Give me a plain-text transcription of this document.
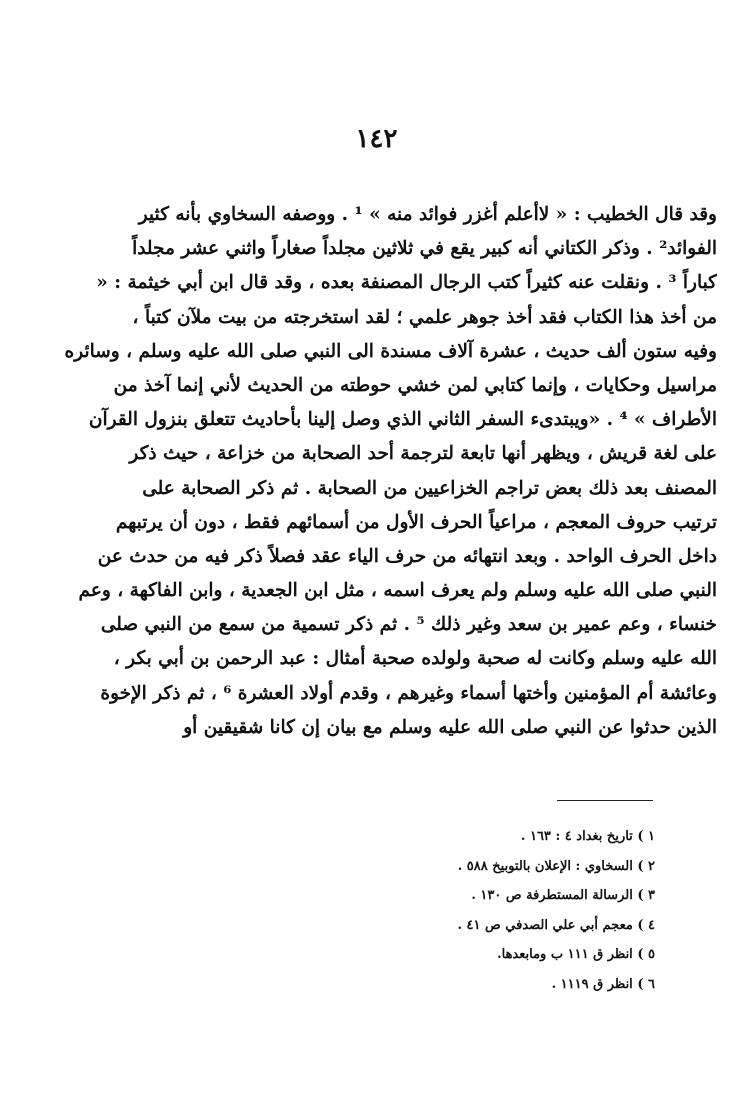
١٤٢
وقد قال الخطيب : « لاأعلم أغزر فوائد منه » ¹ . ووصفه السخاوي بأنه كثير
الفوائد² . وذكر الكتاني أنه كبير يقع في ثلاثين مجلداً صغاراً واثني عشر مجلداً
كباراً ³ . ونقلت عنه كثيراً كتب الرجال المصنفة بعده ، وقد قال ابن أبي خيثمة : «
من أخذ هذا الكتاب فقد أخذ جوهر علمي ؛ لقد استخرجته من بيت ملآن كتباً ،
وفيه ستون ألف حديث ، عشرة آلاف مسندة الى النبي صلى الله عليه وسلم ، وسائره
مراسيل وحكايات ، وإنما كتابي لمن خشي حوطته من الحديث لأني إنما آخذ من
الأطراف » ⁴ . «ويبتدىء السفر الثاني الذي وصل إلينا بأحاديث تتعلق بنزول القرآن
على لغة قريش ، ويظهر أنها تابعة لترجمة أحد الصحابة من خزاعة ، حيث ذكر
المصنف بعد ذلك بعض تراجم الخزاعيين من الصحابة . ثم ذكر الصحابة على
ترتيب حروف المعجم ، مراعياً الحرف الأول من أسمائهم فقط ، دون أن يرتبهم
داخل الحرف الواحد . وبعد انتهائه من حرف الياء عقد فصلاً ذكر فيه من حدث عن
النبي صلى الله عليه وسلم ولم يعرف اسمه ، مثل ابن الجعدية ، وابن الفاكهة ، وعم
خنساء ، وعم عمير بن سعد وغير ذلك ⁵ . ثم ذكر تسمية من سمع من النبي صلى
الله عليه وسلم وكانت له صحبة ولولده صحبة أمثال : عبد الرحمن بن أبي بكر ،
وعائشة أم المؤمنين وأختها أسماء وغيرهم ، وقدم أولاد العشرة ⁶ ، ثم ذكر الإخوة
الذين حدثوا عن النبي صلى الله عليه وسلم مع بيان إن كانا شقيقين أو
١ ) تاريخ بغداد ٤ : ١٦٣ .
٢ ) السخاوي : الإعلان بالتوبيخ ٥٨٨ .
٣ ) الرسالة المستطرفة ص ١٣٠ .
٤ ) معجم أبي علي الصدفي ص ٤١ .
٥ ) انظر ق ١١١ ب ومابعدها.
٦ ) انظر ق ١١١٩ .
